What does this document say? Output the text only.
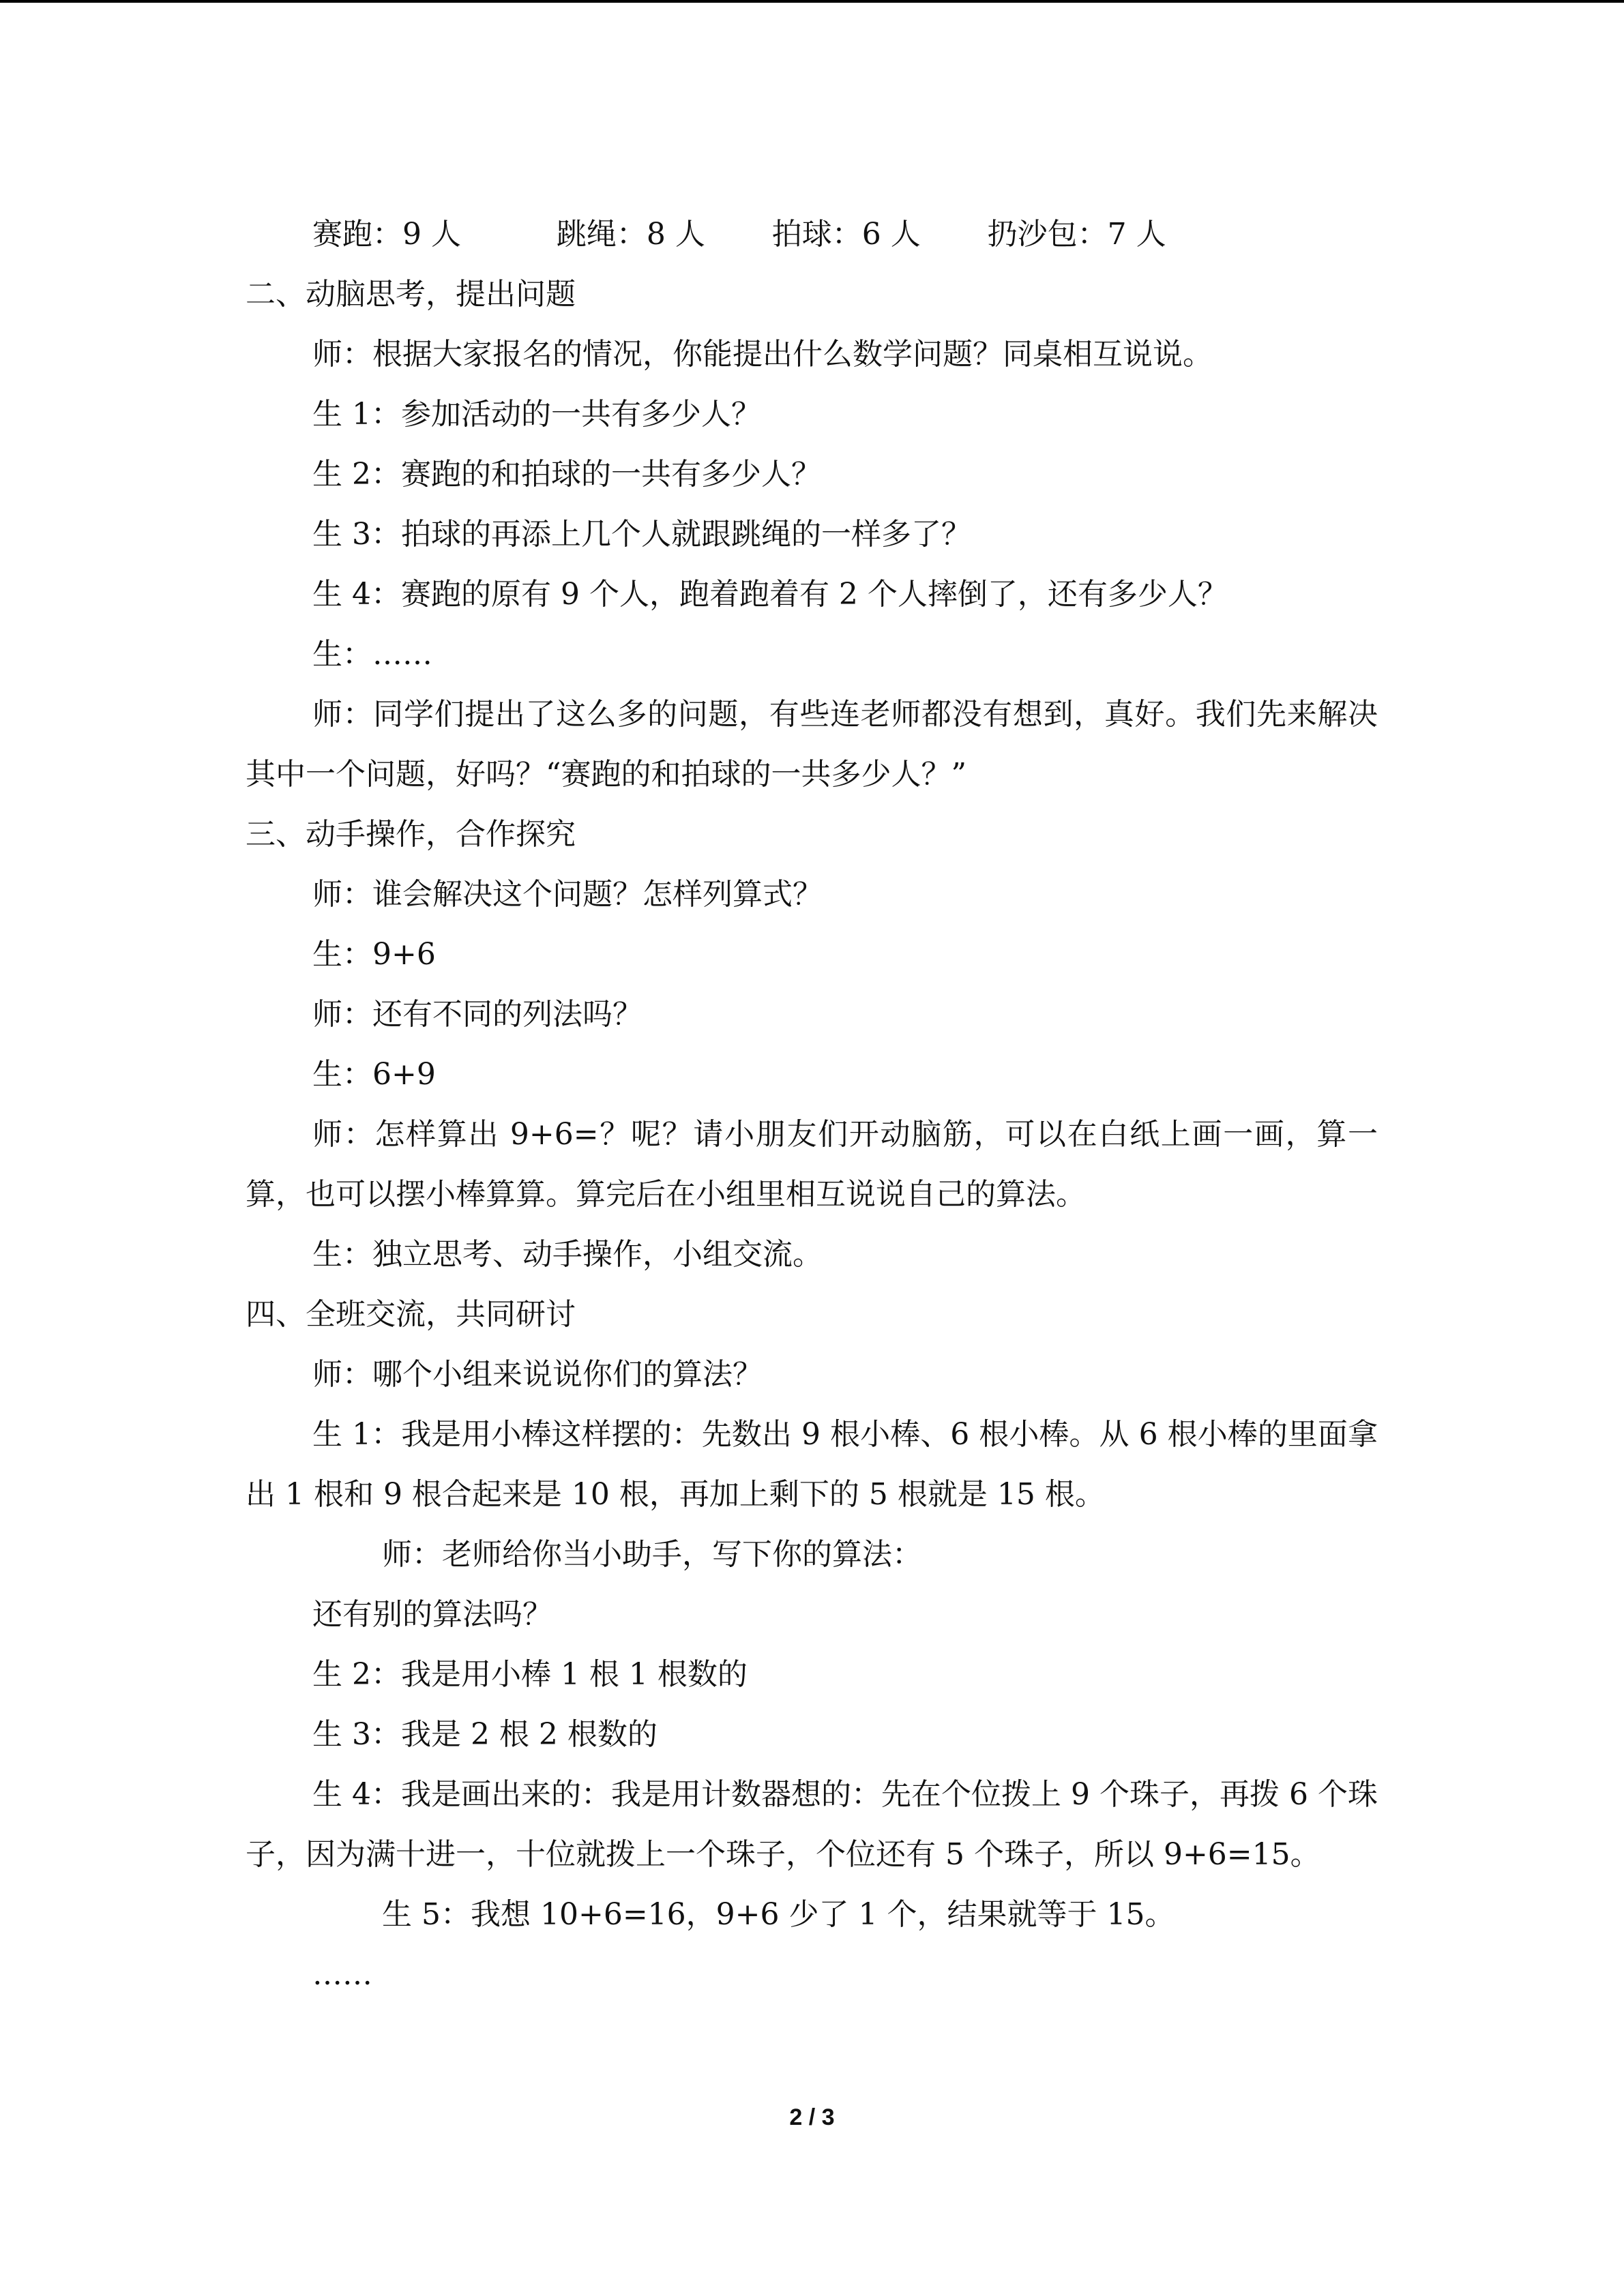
赛跑：9 人          跳绳：8 人       拍球：6 人       扔沙包：7 人
二、动脑思考，提出问题
师：根据大家报名的情况，你能提出什么数学问题？同桌相互说说。
生 1：参加活动的一共有多少人？
生 2：赛跑的和拍球的一共有多少人？
生 3：拍球的再添上几个人就跟跳绳的一样多了？
生 4：赛跑的原有 9 个人，跑着跑着有 2 个人摔倒了，还有多少人？
生：……
师：同学们提出了这么多的问题，有些连老师都没有想到，真好。我们先来解决其中一个问题，好吗？“赛跑的和拍球的一共多少人？”
三、动手操作，合作探究
师：谁会解决这个问题？怎样列算式？
生：9+6
师：还有不同的列法吗？
生：6+9
师：怎样算出 9+6=？呢？请小朋友们开动脑筋，可以在白纸上画一画，算一算，也可以摆小棒算算。算完后在小组里相互说说自己的算法。
生：独立思考、动手操作，小组交流。
四、全班交流，共同研讨
师：哪个小组来说说你们的算法？
生 1：我是用小棒这样摆的：先数出 9 根小棒、6 根小棒。从 6 根小棒的里面拿出 1 根和 9 根合起来是 10 根，再加上剩下的 5 根就是 15 根。
师：老师给你当小助手，写下你的算法：
还有别的算法吗？
生 2：我是用小棒 1 根 1 根数的
生 3：我是 2 根 2 根数的
生 4：我是画出来的：我是用计数器想的：先在个位拨上 9 个珠子，再拨 6 个珠子，因为满十进一，十位就拨上一个珠子，个位还有 5 个珠子，所以 9+6=15。
生 5：我想 10+6=16，9+6 少了 1 个，结果就等于 15。
……
2 / 3
